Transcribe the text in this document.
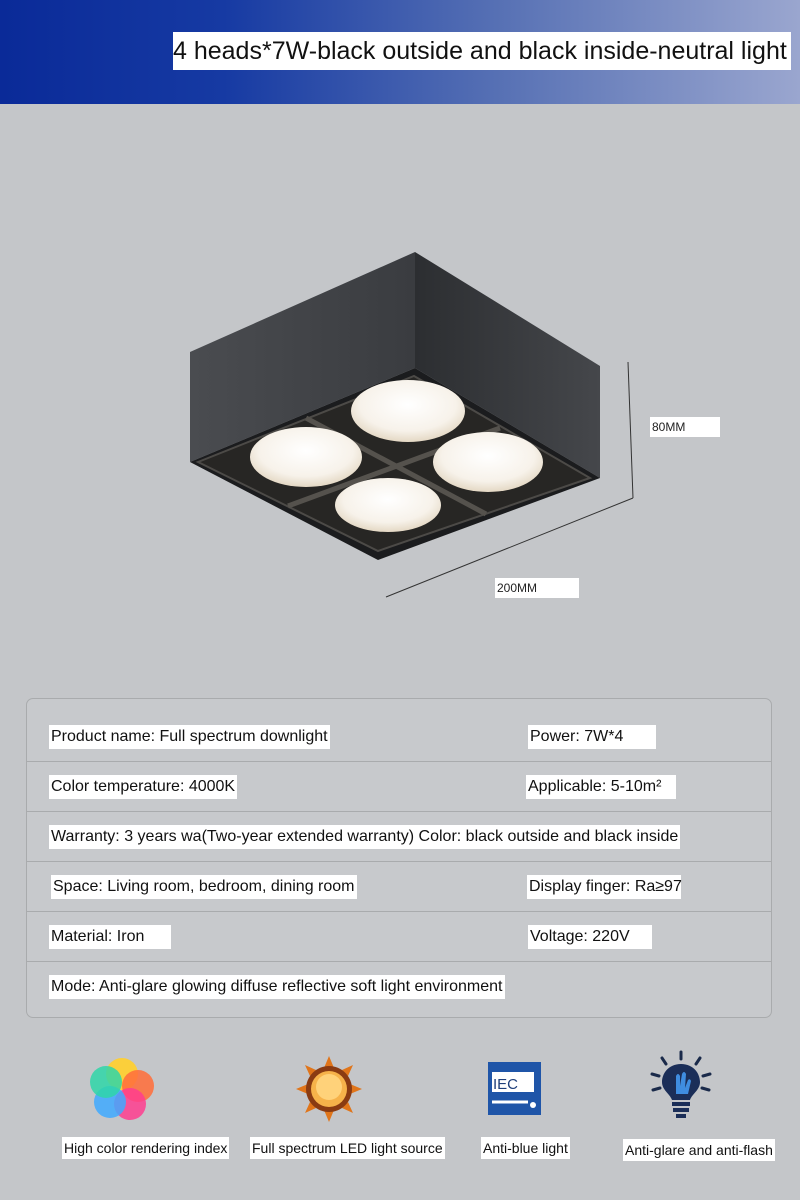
4 heads*7W-black outside and black inside-neutral light
80MM
200MM
Product name: Full spectrum downlight	Power: 7W*4
Color temperature: 4000K	Applicable: 5-10m²
Warranty: 3 years wa(Two-year extended warranty) Color: black outside and black inside
Space: Living room, bedroom, dining room	Display finger: Ra≥97
Material: Iron	Voltage: 220V
Mode: Anti-glare glowing diffuse reflective soft light environment
High color rendering index Full spectrum LED light source
IEC
Anti-blue light	Anti-glare and anti-flash
